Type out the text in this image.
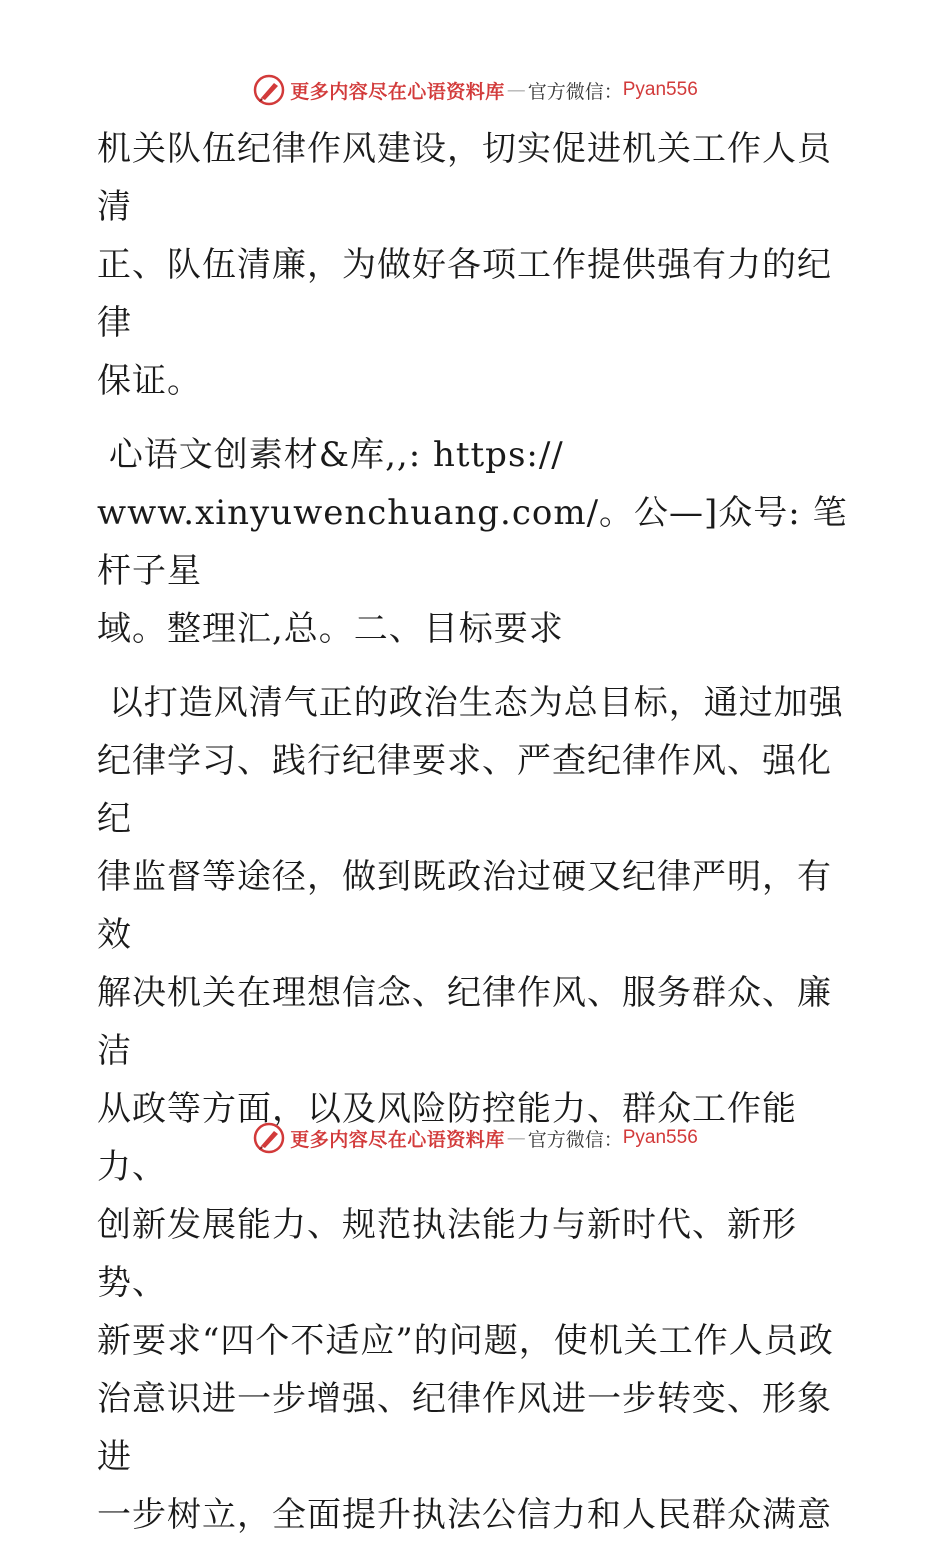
更多内容尽在心语资料库 — 官方微信： Pyan556

机关队伍纪律作风建设，切实促进机关工作人员清
正、队伍清廉，为做好各项工作提供强有力的纪律
保证。

心语文创素材&库,,: https://
www.xinyuwenchuang.com/。公—]众号: 笔杆子星
域。整理汇,总。二、目标要求

以打造风清气正的政治生态为总目标，通过加强
纪律学习、践行纪律要求、严查纪律作风、强化纪
律监督等途径，做到既政治过硬又纪律严明，有效
解决机关在理想信念、纪律作风、服务群众、廉洁
从政等方面，以及风险防控能力、群众工作能力、
创新发展能力、规范执法能力与新时代、新形势、
新要求“四个不适应”的问题，使机关工作人员政
治意识进一步增强、纪律作风进一步转变、形象进
一步树立，全面提升执法公信力和人民群众满意

更多内容尽在心语资料库 — 官方微信： Pyan556
